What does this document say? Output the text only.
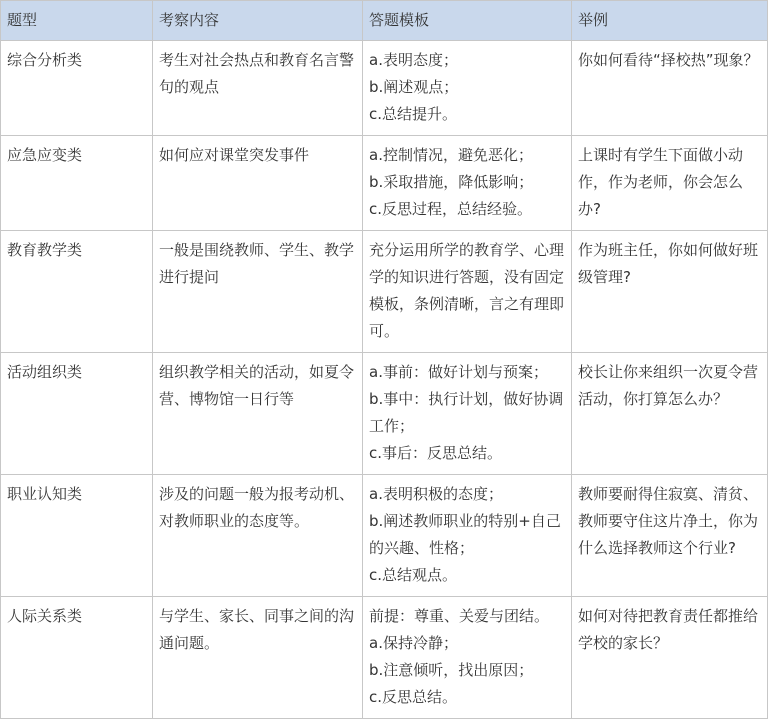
题型	考察内容	答题模板	举例
综合分析类	考生对社会热点和教育名言警句的观点	a.表明态度；
b.阐述观点；
c.总结提升。	你如何看待“择校热”现象？
应急应变类	如何应对课堂突发事件	a.控制情况，避免恶化；
b.采取措施，降低影响；
c.反思过程，总结经验。	上课时有学生下面做小动作，作为老师，你会怎么办?
教育教学类	一般是围绕教师、学生、教学进行提问	充分运用所学的教育学、心理学的知识进行答题，没有固定模板，条例清晰，言之有理即可。	作为班主任，你如何做好班级管理?
活动组织类	组织教学相关的活动，如夏令营、博物馆一日行等	a.事前：做好计划与预案；
b.事中：执行计划，做好协调工作；
c.事后：反思总结。	校长让你来组织一次夏令营活动，你打算怎么办？
职业认知类	涉及的问题一般为报考动机、对教师职业的态度等。	a.表明积极的态度；
b.阐述教师职业的特别+自己的兴趣、性格；
c.总结观点。	教师要耐得住寂寞、清贫、教师要守住这片净土，你为什么选择教师这个行业?
人际关系类	与学生、家长、同事之间的沟通问题。	前提：尊重、关爱与团结。
a.保持冷静；
b.注意倾听，找出原因；
c.反思总结。	如何对待把教育责任都推给学校的家长？
